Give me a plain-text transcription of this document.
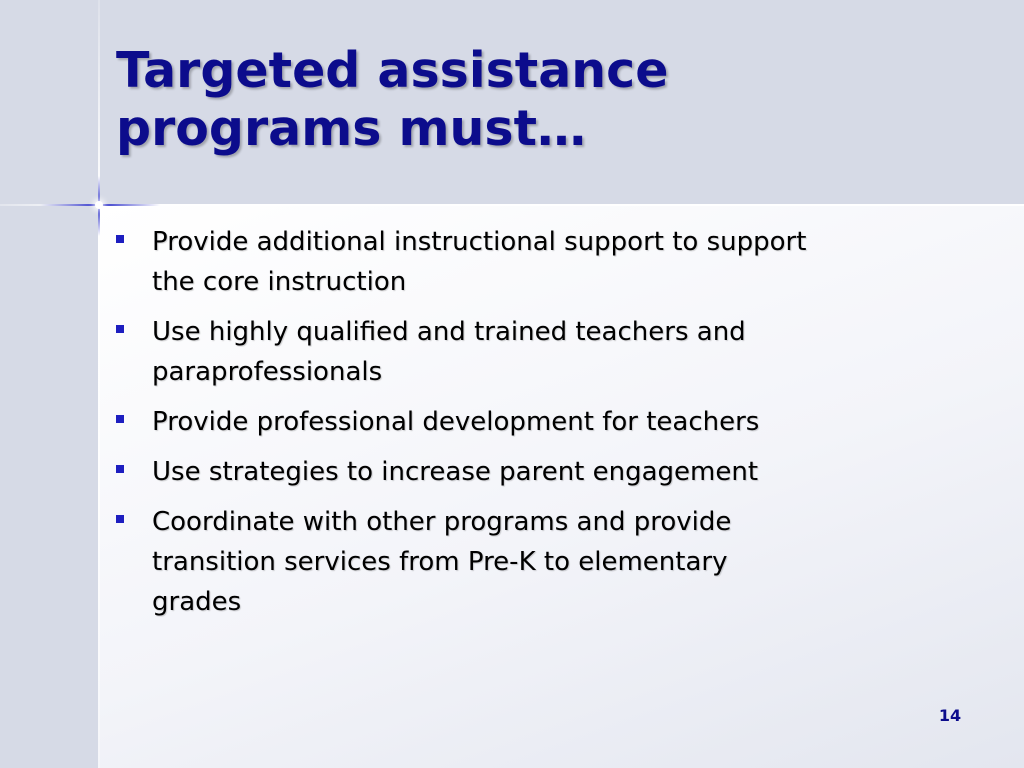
Targeted assistance
programs must…
Provide additional instructional support to support
the core instruction
Use highly qualified and trained teachers and
paraprofessionals
Provide professional development for teachers
Use strategies to increase parent engagement
Coordinate with other programs and provide
transition services from Pre-K to elementary
grades
14
